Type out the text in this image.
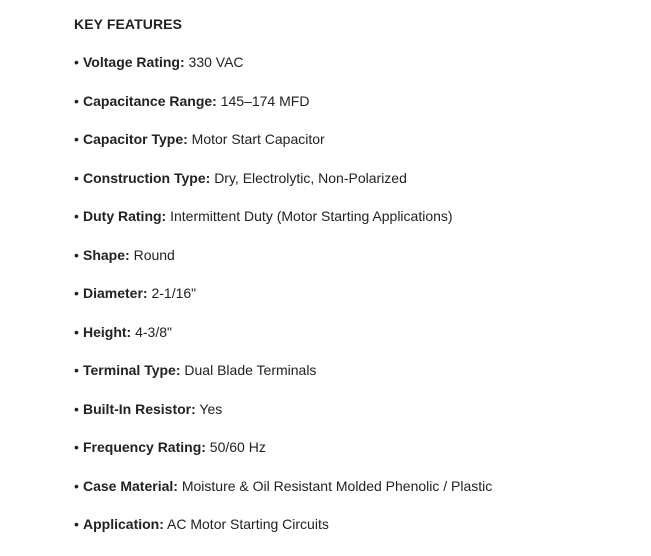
KEY FEATURES
• Voltage Rating: 330 VAC
• Capacitance Range: 145–174 MFD
• Capacitor Type: Motor Start Capacitor
• Construction Type: Dry, Electrolytic, Non-Polarized
• Duty Rating: Intermittent Duty (Motor Starting Applications)
• Shape: Round
• Diameter: 2-1/16"
• Height: 4-3/8"
• Terminal Type: Dual Blade Terminals
• Built-In Resistor: Yes
• Frequency Rating: 50/60 Hz
• Case Material: Moisture & Oil Resistant Molded Phenolic / Plastic
• Application: AC Motor Starting Circuits
